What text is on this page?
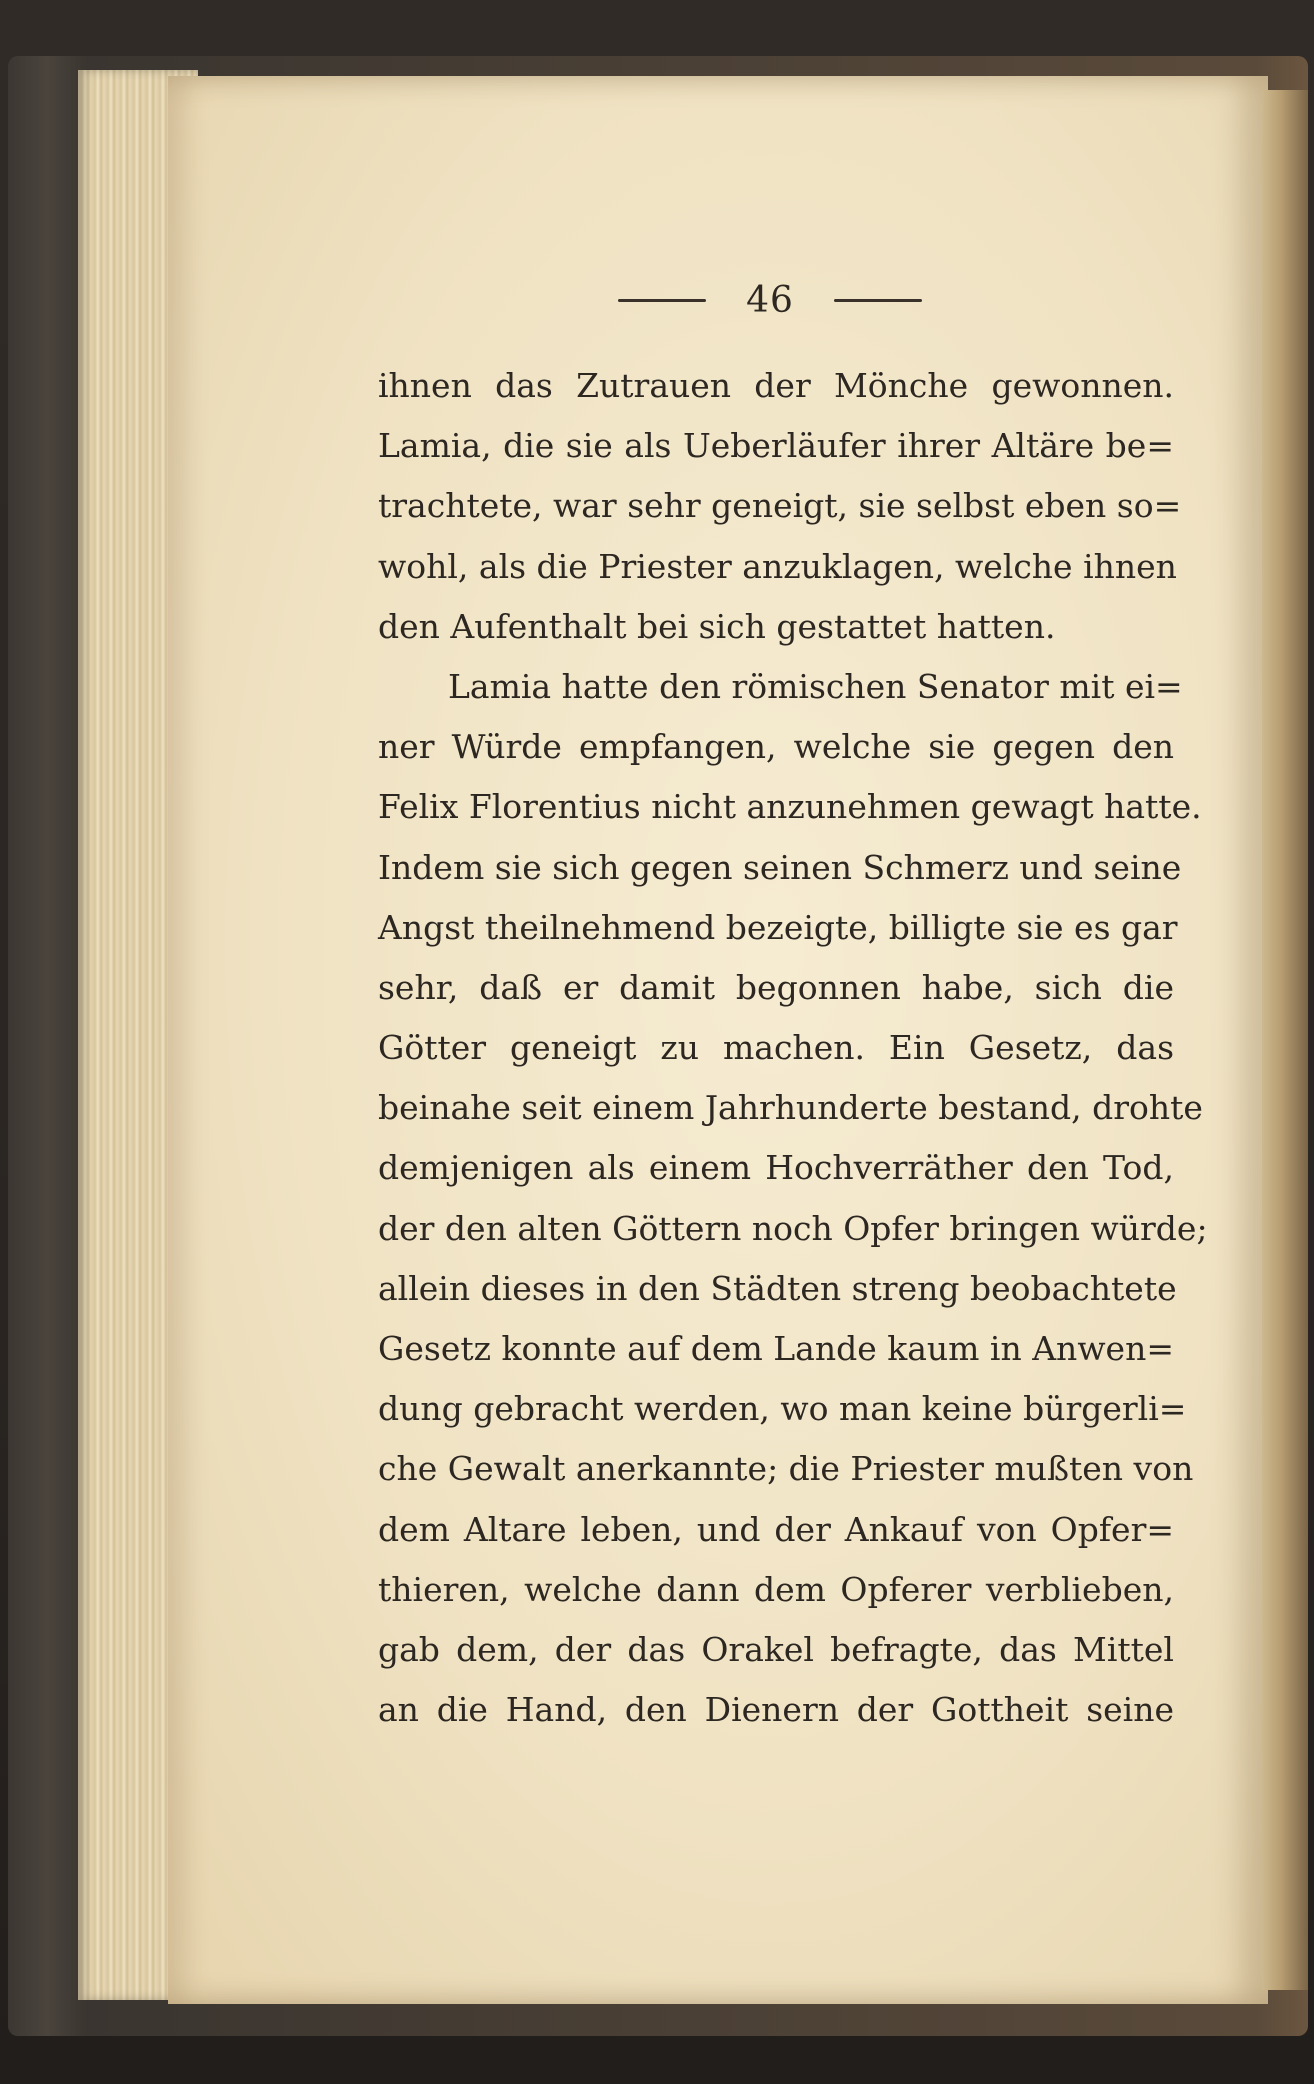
46
ihnen das Zutrauen der Mönche gewonnen.
Lamia, die sie als Ueberläufer ihrer Altäre be=
trachtete, war sehr geneigt, sie selbst eben so=
wohl, als die Priester anzuklagen, welche ihnen
den Aufenthalt bei sich gestattet hatten.
Lamia hatte den römischen Senator mit ei=
ner Würde empfangen, welche sie gegen den
Felix Florentius nicht anzunehmen gewagt hatte.
Indem sie sich gegen seinen Schmerz und seine
Angst theilnehmend bezeigte, billigte sie es gar
sehr, daß er damit begonnen habe, sich die
Götter geneigt zu machen. Ein Gesetz, das
beinahe seit einem Jahrhunderte bestand, drohte
demjenigen als einem Hochverräther den Tod,
der den alten Göttern noch Opfer bringen würde;
allein dieses in den Städten streng beobachtete
Gesetz konnte auf dem Lande kaum in Anwen=
dung gebracht werden, wo man keine bürgerli=
che Gewalt anerkannte; die Priester mußten von
dem Altare leben, und der Ankauf von Opfer=
thieren, welche dann dem Opferer verblieben,
gab dem, der das Orakel befragte, das Mittel
an die Hand, den Dienern der Gottheit seine
